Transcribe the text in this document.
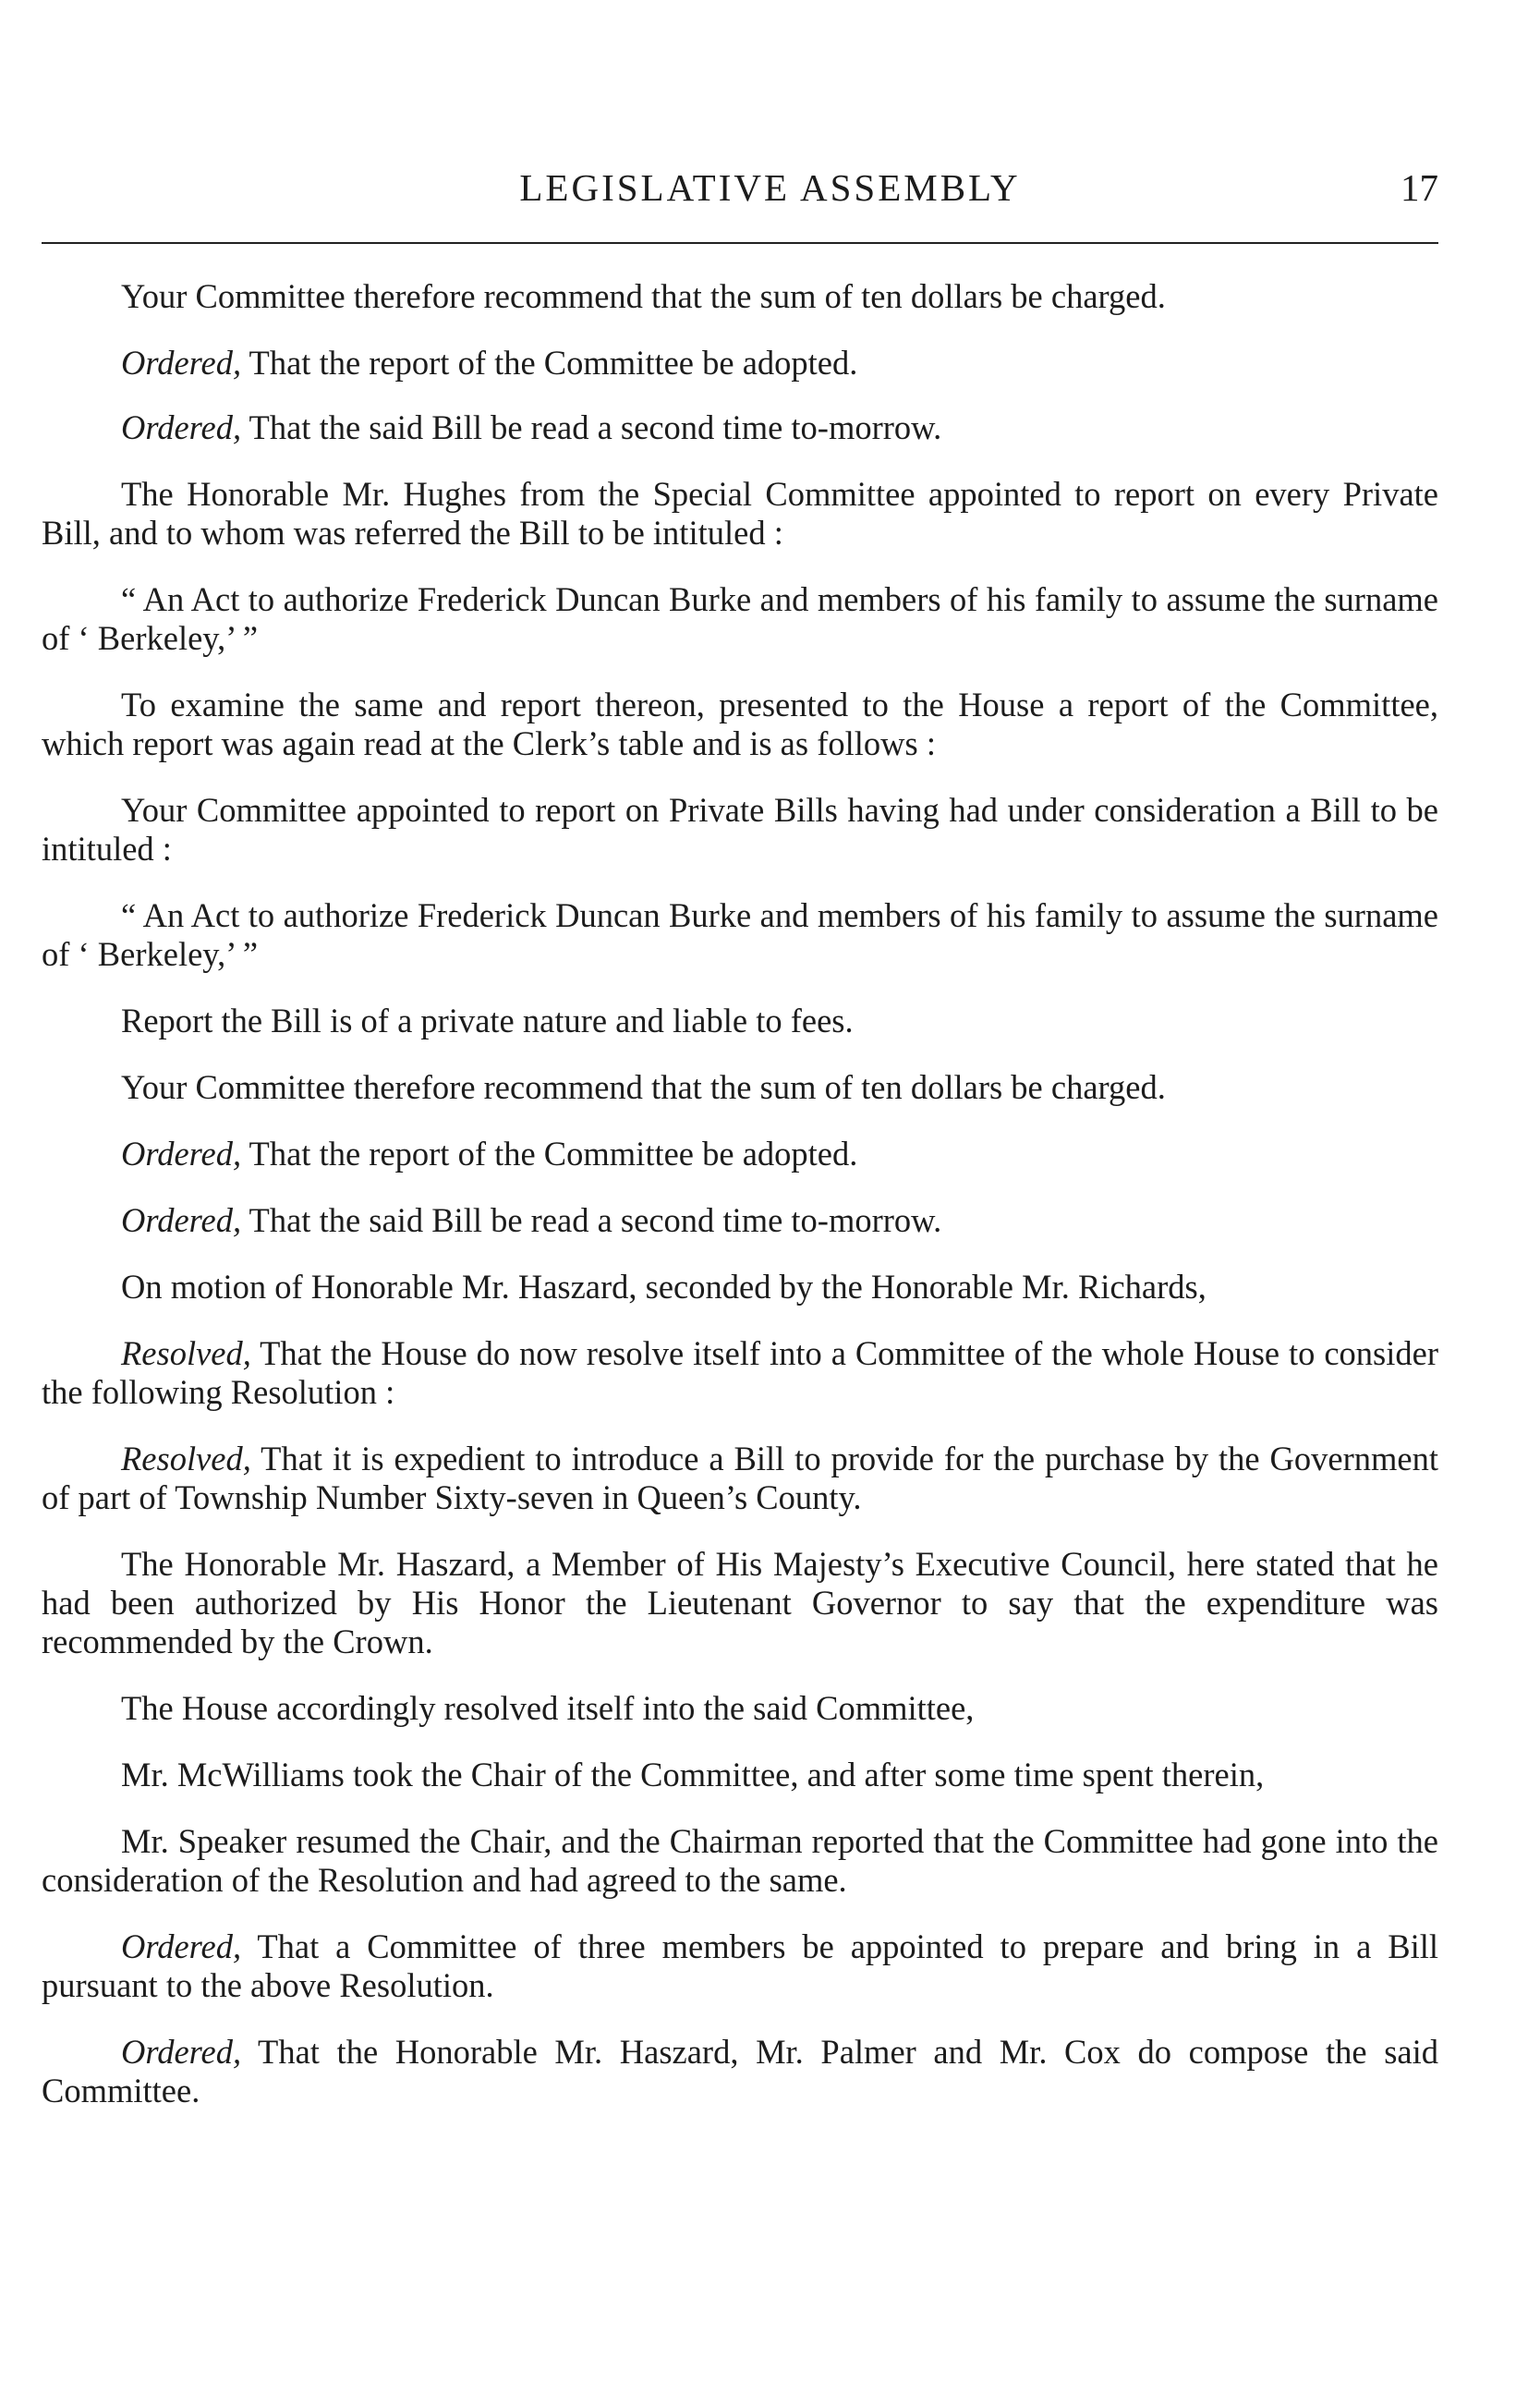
LEGISLATIVE ASSEMBLY	17

Your Committee therefore recommend that the sum of ten dollars be charged.

Ordered, That the report of the Committee be adopted.

Ordered, That the said Bill be read a second time to-morrow.

The Honorable Mr. Hughes from the Special Committee appointed to report on every Private Bill, and to whom was referred the Bill to be intituled :

“ An Act to authorize Frederick Duncan Burke and members of his family to assume the surname of ‘ Berkeley,’ ”

To examine the same and report thereon, presented to the House a report of the Committee, which report was again read at the Clerk’s table and is as follows :

Your Committee appointed to report on Private Bills having had under consideration a Bill to be intituled :

“ An Act to authorize Frederick Duncan Burke and members of his family to assume the surname of ‘ Berkeley,’ ”

Report the Bill is of a private nature and liable to fees.

Your Committee therefore recommend that the sum of ten dollars be charged.

Ordered, That the report of the Committee be adopted.

Ordered, That the said Bill be read a second time to-morrow.

On motion of Honorable Mr. Haszard, seconded by the Honorable Mr. Richards,

Resolved, That the House do now resolve itself into a Committee of the whole House to consider the following Resolution :

Resolved, That it is expedient to introduce a Bill to provide for the purchase by the Government of part of Township Number Sixty-seven in Queen’s County.

The Honorable Mr. Haszard, a Member of His Majesty’s Executive Council, here stated that he had been authorized by His Honor the Lieutenant Governor to say that the expenditure was recommended by the Crown.

The House accordingly resolved itself into the said Committee,

Mr. McWilliams took the Chair of the Committee, and after some time spent therein,

Mr. Speaker resumed the Chair, and the Chairman reported that the Committee had gone into the consideration of the Resolution and had agreed to the same.

Ordered, That a Committee of three members be appointed to prepare and bring in a Bill pursuant to the above Resolution.

Ordered, That the Honorable Mr. Haszard, Mr. Palmer and Mr. Cox do compose the said Committee.
